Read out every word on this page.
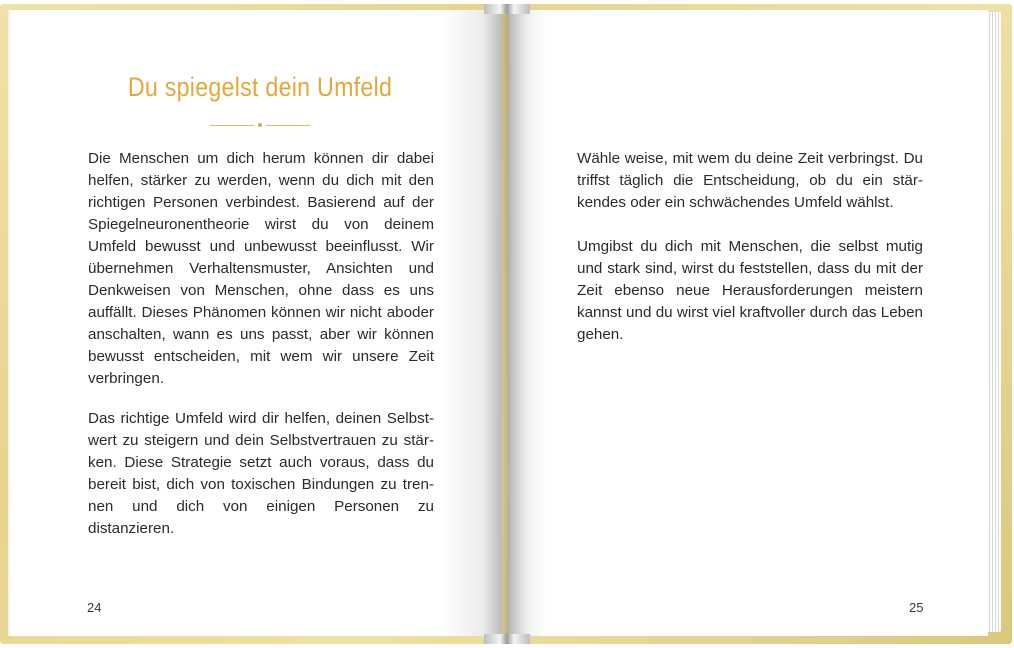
Du spiegelst dein Umfeld
Die Menschen um dich herum können dir dabei helfen, stärker zu werden, wenn du dich mit den richtigen Personen verbindest. Basierend auf der Spiegelneuronentheorie wirst du von deinem Umfeld bewusst und unbewusst beeinflusst. Wir übernehmen Verhaltensmuster, Ansichten und Denkweisen von Menschen, ohne dass es uns auffällt. Dieses Phänomen können wir nicht aboder anschalten, wann es uns passt, aber wir können bewusst entscheiden, mit wem wir unsere Zeit verbringen.
Das richtige Umfeld wird dir helfen, deinen Selbstwert zu steigern und dein Selbstvertrauen zu stärken. Diese Strategie setzt auch voraus, dass du bereit bist, dich von toxischen Bindungen zu trennen und dich von einigen Personen zu distanzieren.
Wähle weise, mit wem du deine Zeit verbringst. Du triffst täglich die Entscheidung, ob du ein stärkendes oder ein schwächendes Umfeld wählst.
Umgibst du dich mit Menschen, die selbst mutig und stark sind, wirst du feststellen, dass du mit der Zeit ebenso neue Herausforderungen meistern kannst und du wirst viel kraftvoller durch das Leben gehen.
24	25
